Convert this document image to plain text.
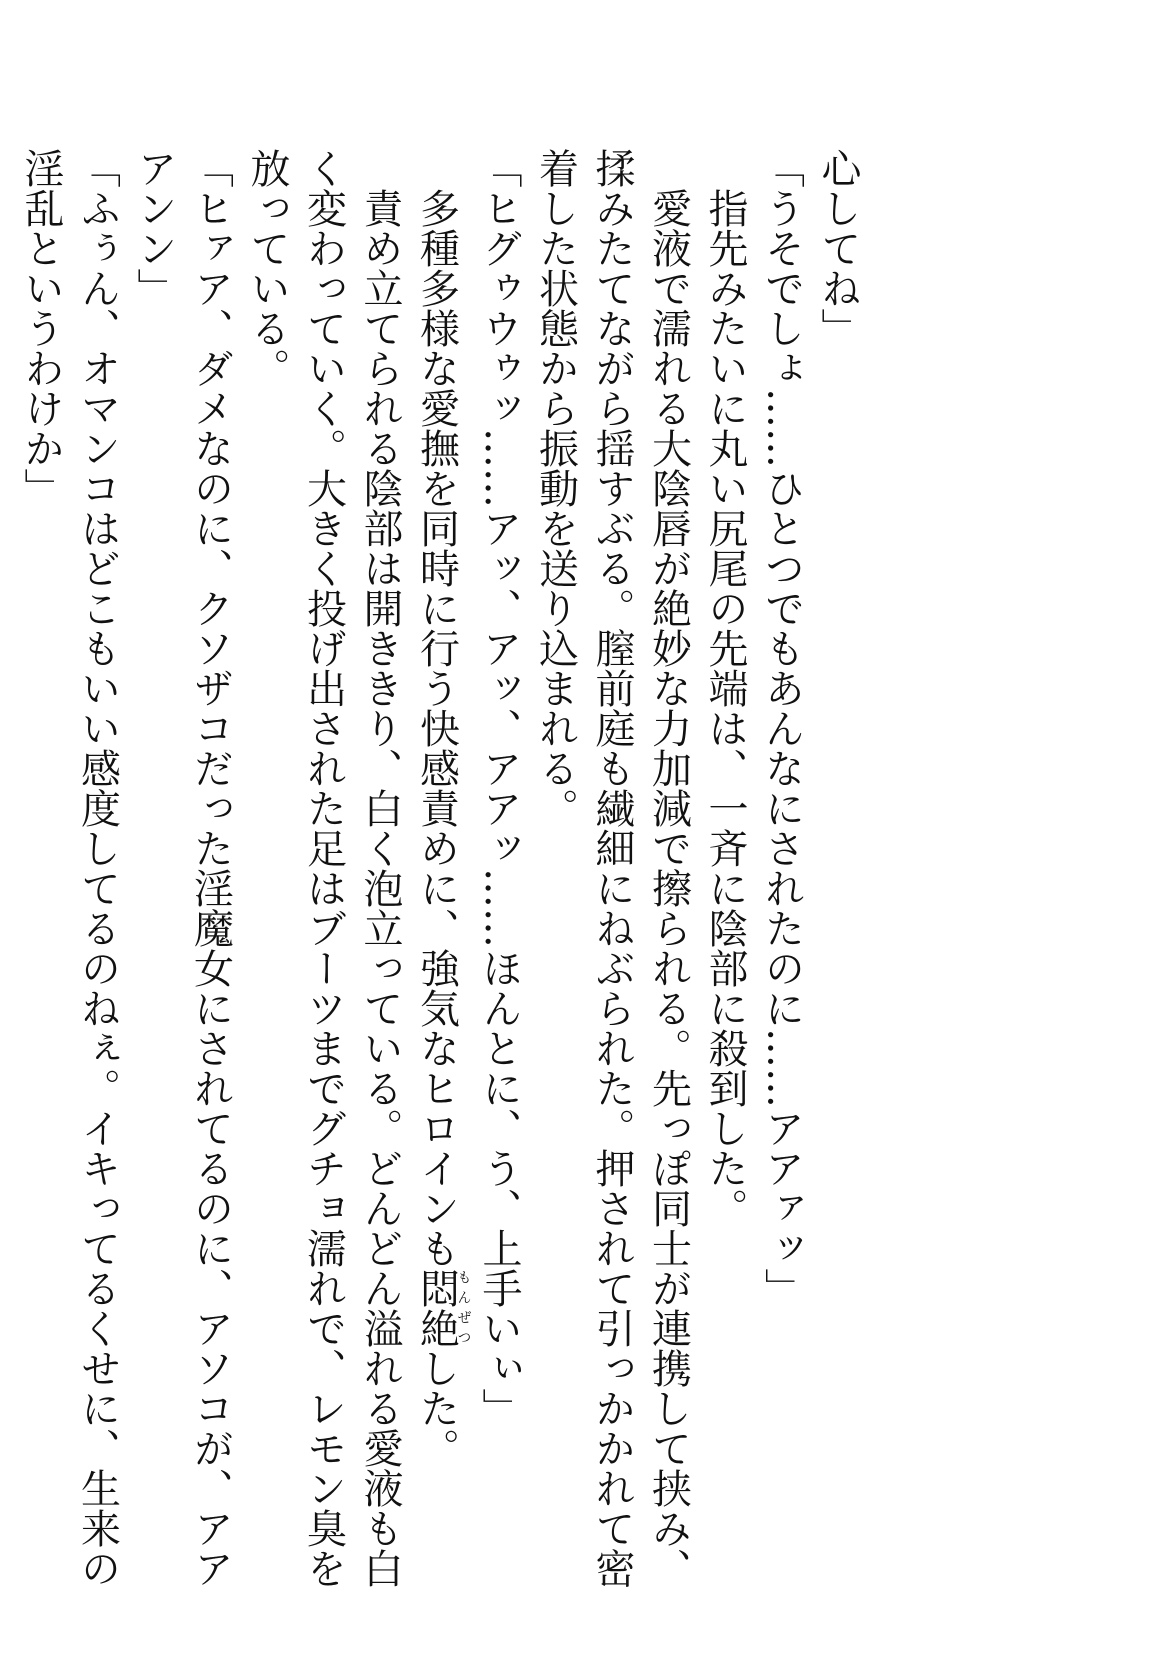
心してね」
「うそでしょ……ひとつでもあんなにされたのに……アアァッ」
指先みたいに丸い尻尾の先端は、一斉に陰部に殺到した。
愛液で濡れる大陰唇が絶妙な力加減で擦られる。先っぽ同士が連携して挟み、
揉みたてながら揺すぶる。膣前庭も繊細にねぶられた。押されて引っかかれて密
着した状態から振動を送り込まれる。
「ヒグゥウゥッ……アッ、アッ、アアッ……ほんとに、う、上手いぃ」
多種多様な愛撫を同時に行う快感責めに、強気なヒロインも悶絶もんぜつした。
責め立てられる陰部は開ききり、白く泡立っている。どんどん溢れる愛液も白
く変わっていく。大きく投げ出された足はブーツまでグチョ濡れで、レモン臭を
放っている。
「ヒァア、ダメなのに、クソザコだった淫魔女にされてるのに、アソコが、アア
アンン」
「ふぅん、オマンコはどこもいい感度してるのねぇ。イキってるくせに、生来の
淫乱というわけか」
